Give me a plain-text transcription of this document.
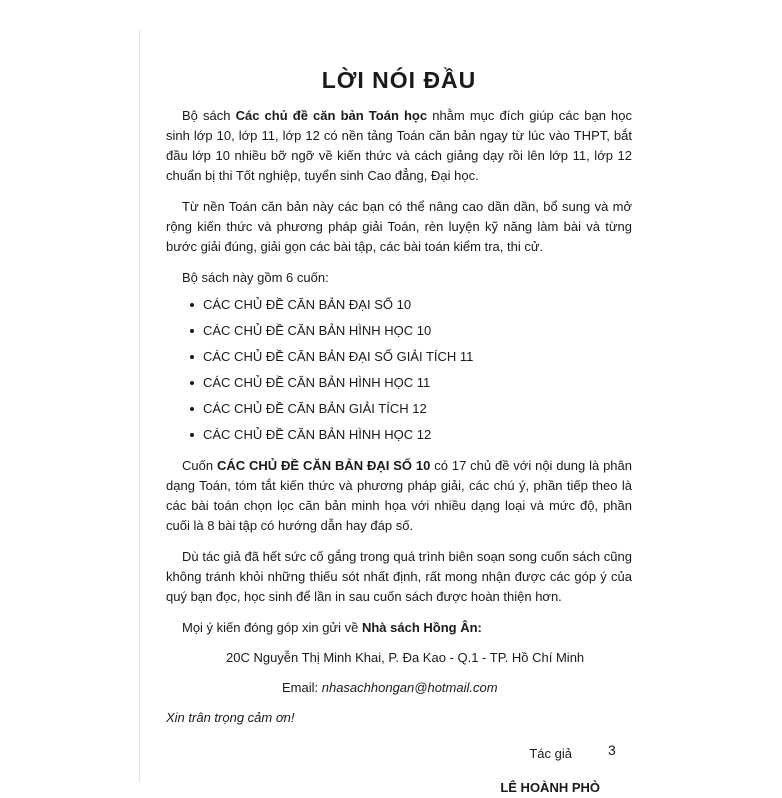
LỜI NÓI ĐẦU

Bộ sách Các chủ đề căn bản Toán học nhằm mục đích giúp các bạn học sinh lớp 10, lớp 11, lớp 12 có nền tảng Toán căn bản ngay từ lúc vào THPT, bắt đầu lớp 10 nhiều bỡ ngỡ về kiến thức và cách giảng dạy rồi lên lớp 11, lớp 12 chuẩn bị thi Tốt nghiệp, tuyển sinh Cao đẳng, Đại học.

Từ nền Toán căn bản này các bạn có thể nâng cao dần dần, bổ sung và mở rộng kiến thức và phương pháp giải Toán, rèn luyện kỹ năng làm bài và từng bước giải đúng, giải gọn các bài tập, các bài toán kiểm tra, thi cử.

Bộ sách này gồm 6 cuốn:

CÁC CHỦ ĐỀ CĂN BẢN ĐẠI SỐ 10
CÁC CHỦ ĐỀ CĂN BẢN HÌNH HỌC 10
CÁC CHỦ ĐỀ CĂN BẢN ĐẠI SỐ GIẢI TÍCH 11
CÁC CHỦ ĐỀ CĂN BẢN HÌNH HỌC 11
CÁC CHỦ ĐỀ CĂN BẢN GIẢI TÍCH 12
CÁC CHỦ ĐỀ CĂN BẢN HÌNH HỌC 12

Cuốn CÁC CHỦ ĐỀ CĂN BẢN ĐẠI SỐ 10 có 17 chủ đề với nội dung là phân dạng Toán, tóm tắt kiến thức và phương pháp giải, các chú ý, phần tiếp theo là các bài toán chọn lọc căn bản minh họa với nhiều dạng loại và mức độ, phần cuối là 8 bài tập có hướng dẫn hay đáp số.

Dù tác giả đã hết sức cố gắng trong quá trình biên soạn song cuốn sách cũng không tránh khỏi những thiếu sót nhất định, rất mong nhận được các góp ý của quý bạn đọc, học sinh để lần in sau cuốn sách được hoàn thiện hơn.

Mọi ý kiến đóng góp xin gửi về Nhà sách Hồng Ân:

20C Nguyễn Thị Minh Khai, P. Đa Kao - Q.1 - TP. Hồ Chí Minh
Email: nhasachhongan@hotmail.com
Xin trân trọng cảm ơn!
Tác giả
LÊ HOÀNH PHÒ
3
